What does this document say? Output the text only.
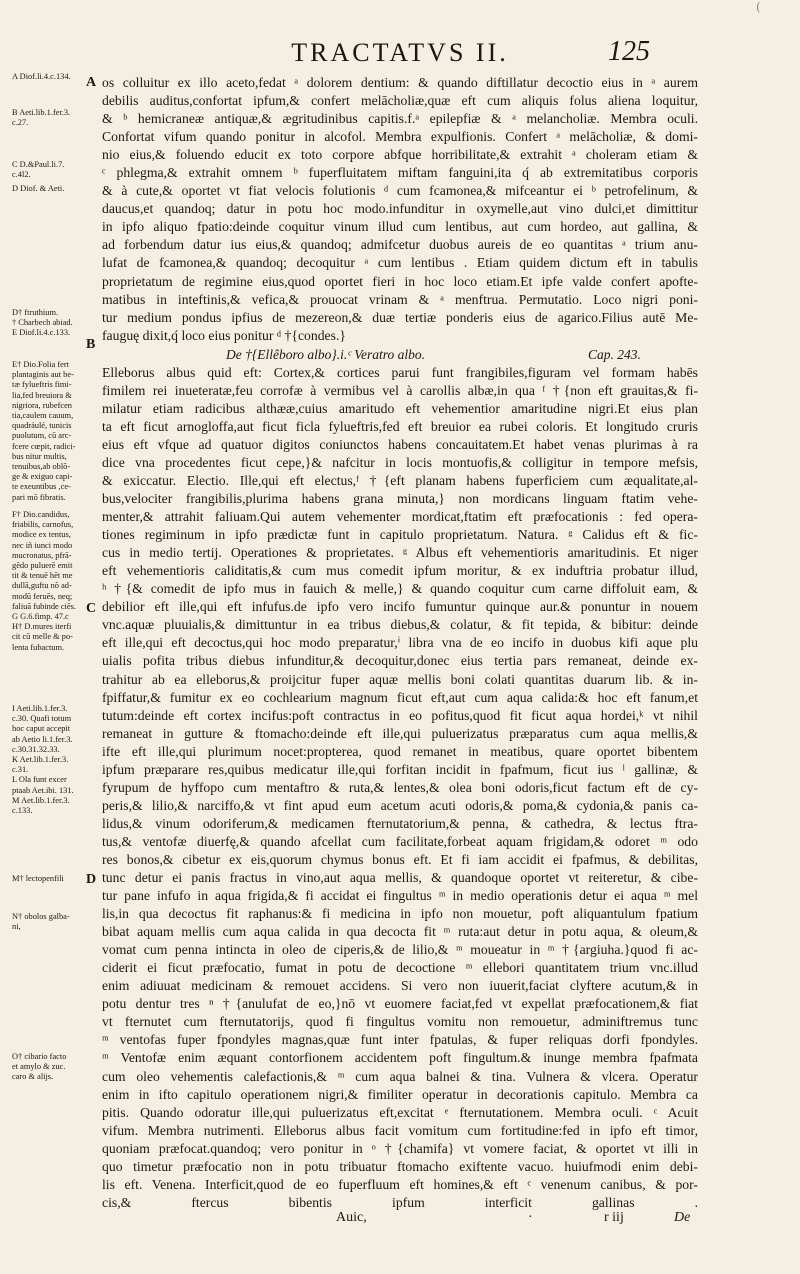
(
TRACTATVS II.	125
A Diof.li.4.c.134.
B Aeti.lib.1.fer.3.
c.27.
C D.&Paul.li.7.
c.4l2.
D Diof. & Aeti.
D† ftruthium.
† Charbech abiad.
E Diof.li.4.c.133.
E† Dio.Folia fert
plantaginis aut be-
tæ fylueftris fimi-
lia,fed breuiora &
nigriora, rubefcen
tia,caulem cauum,
quadráulé, tunicis
puolutum, cū arc-
fcere cœpit, radici-
bus nitur multis,
tenuibus,ab oblõ-
ge & exiguo capi-
te exeuntibus ,ce-
pari mō fibratis.
F† Dio.candidus,
friabilis, carnofus,
modice ex tentus,
nec iñ iunci modo
mucronatus, pfrā-
gēdo puluerē emit
tit & tenuē hēt me
dullā,guftu nõ ad-
modū feruēs, neq;
faliuā fubinde ciēs.
G G.6.fimp. 47.c
H† D.mures iterfi
cit cū melle & po-
lenta fubactum.
I Aeti.lib.1.fer.3.
c.30. Quafi totum
hoc caput accepit
ab Aetio li.1.fer.3.
c.30.31.32.33.
K Aet.lib.1.fer.3.
c.31.
L Ola funt excer
ptaab Aet.ibi. 131.
M Aet.lib.1.fer.3.
c.133.
M† lectopenfili
N† obolos galba-
ni,
O† cibario facto
et amylo & zuc.
caro & alijs.
A
B
C
D
os colluitur ex illo aceto,fedat ᵃ dolorem dentium: & quando diftillatur decoctio eius in ᵃ aurem
debilis auditus,confortat ipfum,& confert melācholiæ,quæ eft cum aliquis folus aliena loquitur,
& ᵇ hemicraneæ antiquæ,& ægritudinibus capitis.f.ᵃ epilepfiæ & ᵃ melancholiæ. Membra oculi.
Confortat vifum quando ponitur in alcofol. Membra expulfionis. Confert ᵃ melācholiæ, & domi-
nio eius,& foluendo educit ex toto corpore abfque horribilitate,& extrahit ᵃ choleram etiam &
ᶜ phlegma,& extrahit omnem ᵇ fuperfluitatem miftam fanguini,ita q́ ab extremitatibus corporis
& à cute,& oportet vt fiat velocis folutionis ᵈ cum fcamonea,& mifceantur ei ᵇ petrofelinum, &
daucus,et quandoq; datur in potu hoc modo.infunditur in oxymelle,aut vino dulci,et dimittitur
in ipfo aliquo fpatio:deinde coquitur vinum illud cum lentibus, aut cum hordeo, aut gallina, &
ad forbendum datur ius eius,& quandoq; admifcetur duobus aureis de eo quantitas ᵃ trium anu-
lufat de fcamonea,& quandoq; decoquitur ᵃ cum lentibus . Etiam quidem dictum eft in tabulis
proprietatum de regimine eius,quod oportet fieri in hoc loco etiam.Et ipfe valde confert apofte-
matibus in inteftinis,& vefica,& prouocat vrinam & ᵃ menftrua. Permutatio. Loco nigri poni-
tur medium pondus ipfius de mezereon,& duæ tertiæ ponderis eius de agarico.Filius autē Me-
fauguę dixit,q́ loco eius ponitur ᵈ †{condes.}
De †{Ellêboro albo}.i.ᶜ Veratro albo.	Cap. 243.
Elleborus albus quid eft: Cortex,& cortices parui funt frangibiles,figuram vel formam habēs
fimilem rei inueteratæ,feu corrofæ à vermibus vel à carollis albæ,in qua ᶠ †{non eft grauitas,& fi-
milatur etiam radicibus althææ,cuius amaritudo eft vehementior amaritudine nigri.Et eius plan
ta eft ficut arnogloffa,aut ficut ficla fylueftris,fed eft breuior ea rubei coloris. Et longitudo cruris
eius eft vfque ad quatuor digitos coniunctos habens concauitatem.Et habet venas plurimas à ra
dice vna procedentes ficut cepe,}& nafcitur in locis montuofis,& colligitur in tempore mefsis,
& exiccatur. Electio. Ille,qui eft electus,ᶠ †{eft planam habens fuperficiem cum æqualitate,al-
bus,velociter frangibilis,plurima habens grana minuta,} non mordicans linguam ftatim vehe-
menter,& attrahit faliuam.Qui autem vehementer mordicat,ftatim eft præfocationis : fed opera-
tiones regiminum in ipfo prædictæ funt in capitulo proprietatum. Natura. ᵍ Calidus eft & fic-
cus in medio tertij. Operationes & proprietates. ᵍ Albus eft vehementioris amaritudinis. Et niger
eft vehementioris caliditatis,& cum mus comedit ipfum moritur, & ex induftria probatur illud,
ʰ †{& comedit de ipfo mus in fauich & melle,} & quando coquitur cum carne diffoluit eam, &
debilior eft ille,qui eft infufus.de ipfo vero incifo fumuntur quinque aur.& ponuntur in nouem
vnc.aquæ pluuialis,& dimittuntur in ea tribus diebus,& colatur, & fit tepida, & bibitur: deinde
eft ille,qui eft decoctus,qui hoc modo preparatur,ⁱ libra vna de eo incifo in duobus kifi aque plu
uialis pofita tribus diebus infunditur,& decoquitur,donec eius tertia pars remaneat, deinde ex-
trahitur ab ea elleborus,& proijcitur fuper aquæ mellis boni colati quantitas duarum lib. & in-
fpiffatur,& fumitur ex eo cochlearium magnum ficut eft,aut cum aqua calida:& hoc eft fanum,et
tutum:deinde eft cortex incifus:poft contractus in eo pofitus,quod fit ficut aqua hordei,ᵏ vt nihil
remaneat in gutture & ftomacho:deinde eft ille,qui puluerizatus præparatus cum aqua mellis,&
ifte eft ille,qui plurimum nocet:propterea, quod remanet in meatibus, quare oportet bibentem
ipfum præparare res,quibus medicatur ille,qui forfitan incidit in fpafmum, ficut ius ˡ gallinæ, &
fyrupum de hyffopo cum mentaftro & ruta,& lentes,& olea boni odoris,ficut factum eft de cy-
peris,& lilio,& narciffo,& vt fint apud eum acetum acuti odoris,& poma,& cydonia,& panis ca-
lidus,& vinum odoriferum,& medicamen fternutatorium,& penna, & cathedra, & lectus ftra-
tus,& ventofæ diuerfę,& quando afcellat cum facilitate,forbeat aquam frigidam,& odoret ᵐ odo
res bonos,& cibetur ex eis,quorum chymus bonus eft. Et fi iam accidit ei fpafmus, & debilitas,
tunc detur ei panis fractus in vino,aut aqua mellis, & quandoque oportet vt reiteretur, & cibe-
tur pane infufo in aqua frigida,& fi accidat ei fingultus ᵐ in medio operationis detur ei aqua ᵐ mel
lis,in qua decoctus fit raphanus:& fi medicina in ipfo non mouetur, poft aliquantulum fpatium
bibat aquam mellis cum aqua calida in qua decocta fit ᵐ ruta:aut detur in potu aqua, & oleum,&
vomat cum penna intincta in oleo de ciperis,& de lilio,& ᵐ moueatur in ᵐ †{argiuha.}quod fi ac-
ciderit ei ficut præfocatio, fumat in potu de decoctione ᵐ ellebori quantitatem trium vnc.illud
enim adiuuat medicinam & remouet accidens. Si vero non iuuerit,faciat clyftere acutum,& in
potu dentur tres ⁿ †{anulufat de eo,}nō vt euomere faciat,fed vt expellat præfocationem,& fiat
vt fternutet cum fternutatorijs, quod fi fingultus vomitu non remouetur, adminiftremus tunc
ᵐ ventofas fuper fpondyles magnas,quæ funt inter fpatulas, & fuper reliquas dorfi fpondyles.
ᵐ Ventofæ enim æquant contorfionem accidentem poft fingultum.& inunge membra fpafmata
cum oleo vehementis calefactionis,& ᵐ cum aqua balnei & tina. Vulnera & vlcera. Operatur
enim in ifto capitulo operationem nigri,& fimiliter operatur in decorationis capitulo. Membra ca
pitis. Quando odoratur ille,qui puluerizatus eft,excitat ᵉ fternutationem. Membra oculi. ᶜ Acuit
vifum. Membra nutrimenti. Elleborus albus facit vomitum cum fortitudine:fed in ipfo eft timor,
quoniam præfocat.quandoq; vero ponitur in ᵒ †{chamifa} vt vomere faciat, & oportet vt illi in
quo timetur præfocatio non in potu tribuatur ftomacho exiftente vacuo. huiufmodi enim debi-
lis eft. Venena. Interficit,quod de eo fuperfluum eft homines,& eft ᶜ venenum canibus, & por-
cis,& ftercus bibentis ipfum interficit gallinas .
Auic,	·	r iij	De
